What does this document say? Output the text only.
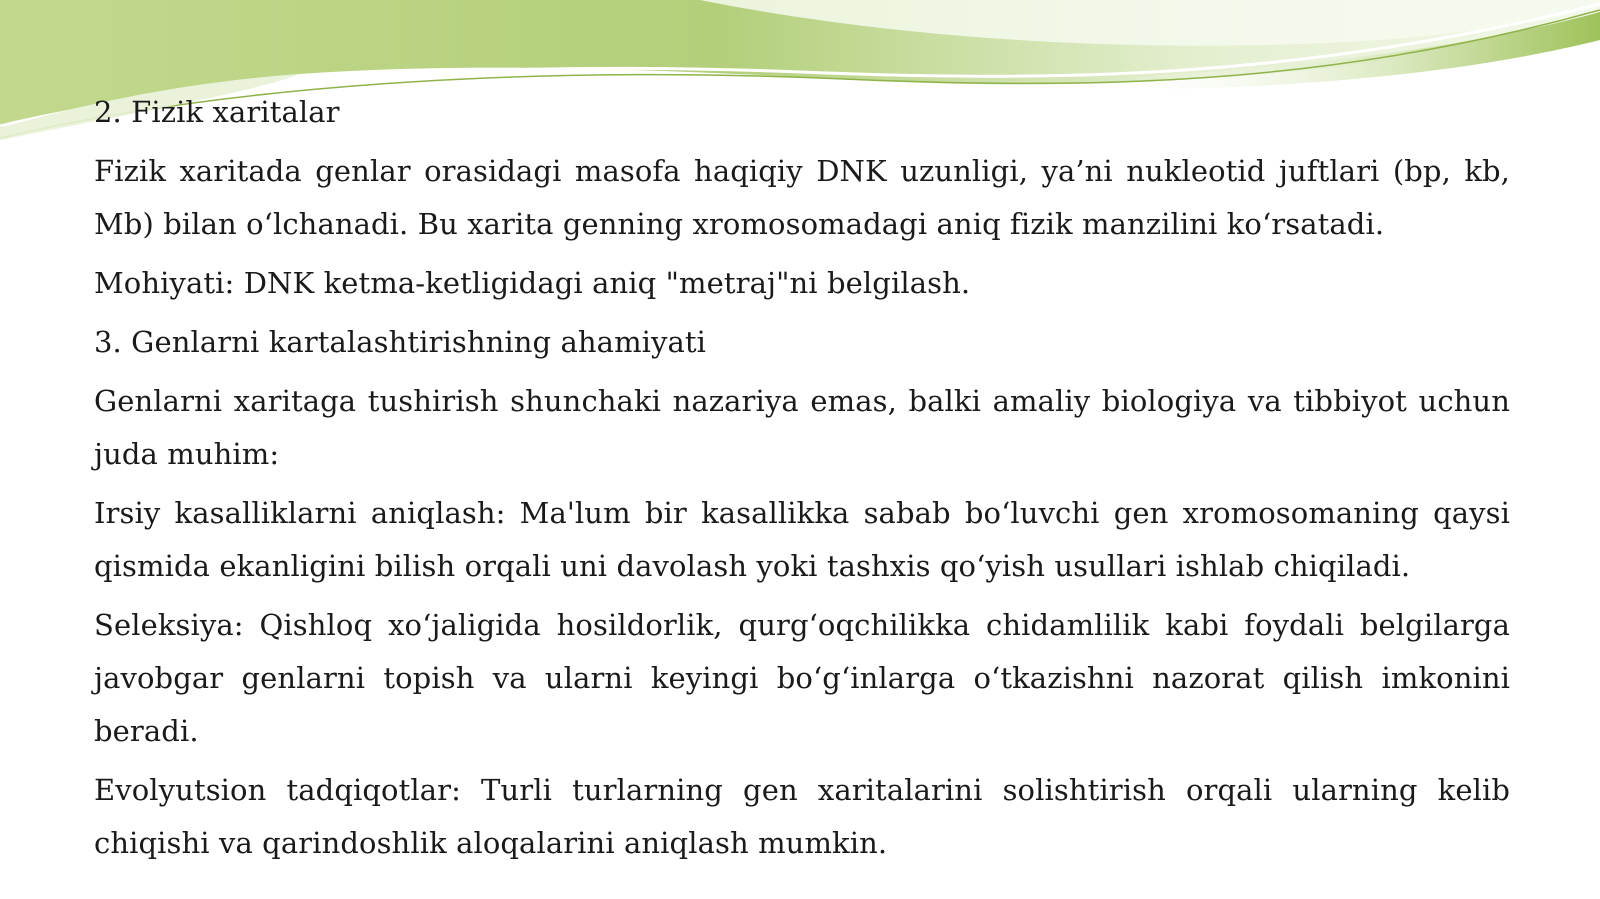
2. Fizik xaritalar

Fizik xaritada genlar orasidagi masofa haqiqiy DNK uzunligi, ya’ni nukleotid juftlari (bp, kb, Mb) bilan o‘lchanadi. Bu xarita genning xromosomadagi aniq fizik manzilini ko‘rsatadi.

Mohiyati: DNK ketma-ketligidagi aniq "metraj"ni belgilash.

3. Genlarni kartalashtirishning ahamiyati

Genlarni xaritaga tushirish shunchaki nazariya emas, balki amaliy biologiya va tibbiyot uchun juda muhim:

Irsiy kasalliklarni aniqlash: Ma'lum bir kasallikka sabab bo‘luvchi gen xromosomaning qaysi qismida ekanligini bilish orqali uni davolash yoki tashxis qo‘yish usullari ishlab chiqiladi.

Seleksiya: Qishloq xo‘jaligida hosildorlik, qurg‘oqchilikka chidamlilik kabi foydali belgilarga javobgar genlarni topish va ularni keyingi bo‘g‘inlarga o‘tkazishni nazorat qilish imkonini beradi.

Evolyutsion tadqiqotlar: Turli turlarning gen xaritalarini solishtirish orqali ularning kelib chiqishi va qarindoshlik aloqalarini aniqlash mumkin.
